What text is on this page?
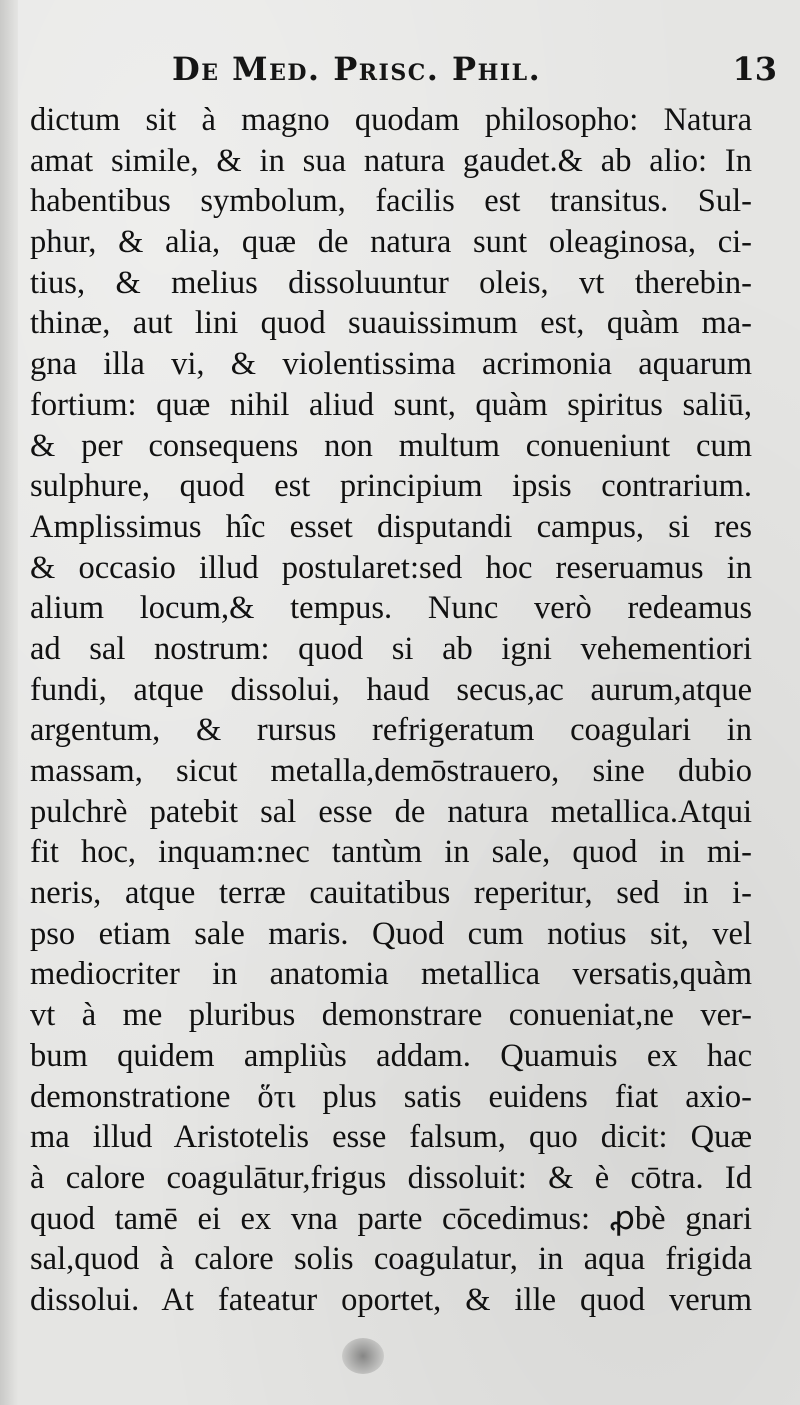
De Med. Prisc. Phil.	13
dictum sit à magno quodam philosopho: Natura
amat simile, & in sua natura gaudet.& ab alio: In
habentibus symbolum, facilis est transitus. Sul-
phur, & alia, quæ de natura sunt oleaginosa, ci-
tius, & melius dissoluuntur oleis, vt therebin-
thinæ, aut lini quod suauissimum est, quàm ma-
gna illa vi, & violentissima acrimonia aquarum
fortium: quæ nihil aliud sunt, quàm spiritus saliū,
& per consequens non multum conueniunt cum
sulphure, quod est principium ipsis contrarium.
Amplissimus hîc esset disputandi campus, si res
& occasio illud postularet:sed hoc reseruamus in
alium locum,& tempus. Nunc verò redeamus
ad sal nostrum: quod si ab igni vehementiori
fundi, atque dissolui, haud secus,ac aurum,atque
argentum, & rursus refrigeratum coagulari in
massam, sicut metalla,demōstrauero, sine dubio
pulchrè patebit sal esse de natura metallica.Atqui
fit hoc, inquam:nec tantùm in sale, quod in mi-
neris, atque terræ cauitatibus reperitur, sed in i-
pso etiam sale maris. Quod cum notius sit, vel
mediocriter in anatomia metallica versatis,quàm
vt à me pluribus demonstrare conueniat,ne ver-
bum quidem ampliùs addam. Quamuis ex hac
demonstratione ὅτι plus satis euidens fiat axio-
ma illud Aristotelis esse falsum, quo dicit: Quæ
à calore coagulātur,frigus dissoluit: & è cōtra. Id
quod tamē ei ex vna parte cōcedimus: ꝓbè gnari
sal,quod à calore solis coagulatur, in aqua frigida
dissolui. At fateatur oportet, & ille quod verum
